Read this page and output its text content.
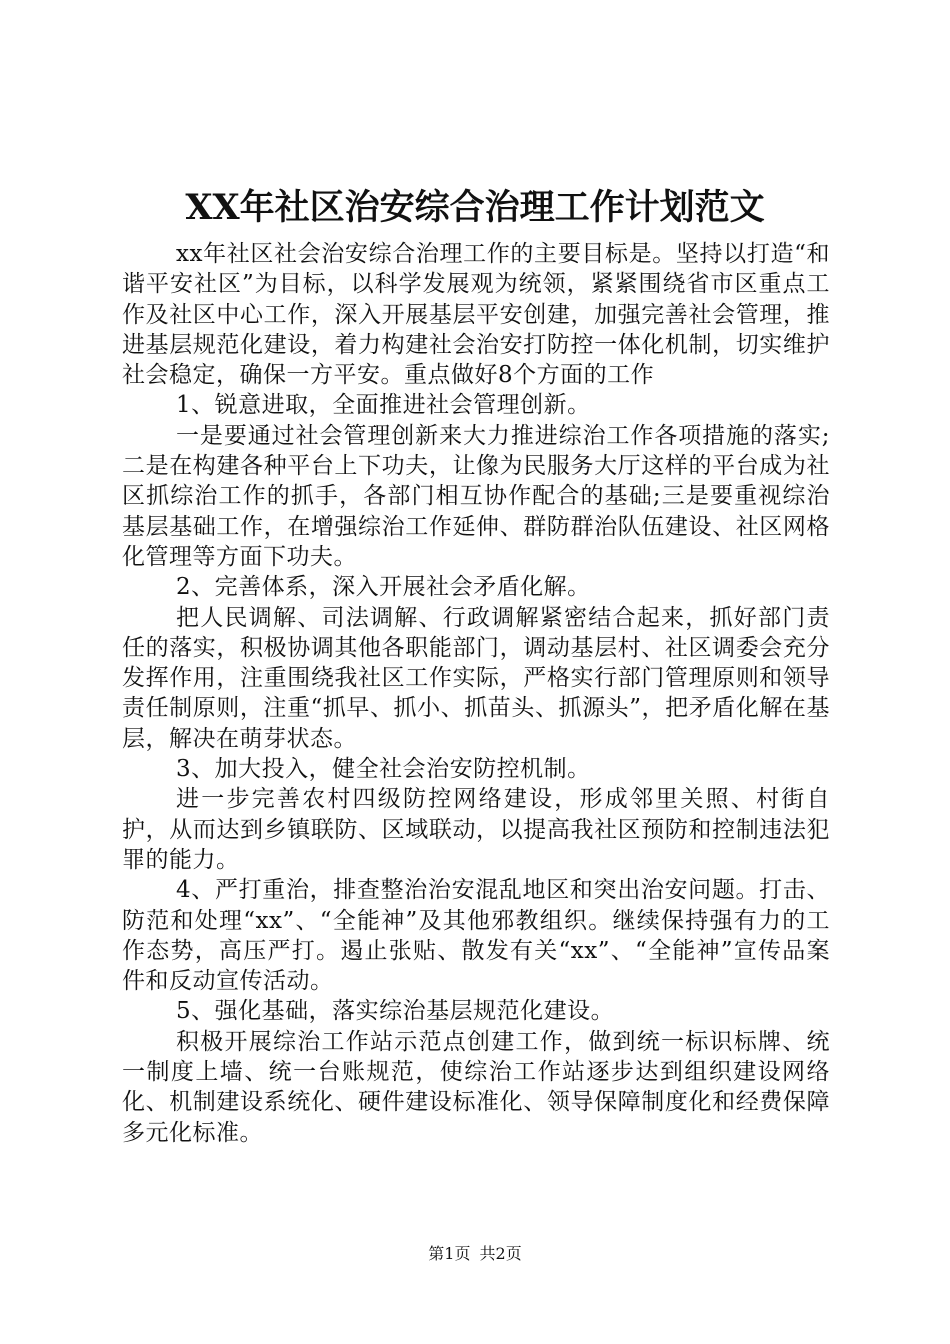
XX年社区治安综合治理工作计划范文

xx年社区社会治安综合治理工作的主要目标是。坚持以打造“和谐平安社区”为目标，以科学发展观为统领，紧紧围绕省市区重点工作及社区中心工作，深入开展基层平安创建，加强完善社会管理，推进基层规范化建设，着力构建社会治安打防控一体化机制，切实维护社会稳定，确保一方平安。重点做好8个方面的工作

1、锐意进取，全面推进社会管理创新。

一是要通过社会管理创新来大力推进综治工作各项措施的落实;二是在构建各种平台上下功夫，让像为民服务大厅这样的平台成为社区抓综治工作的抓手，各部门相互协作配合的基础;三是要重视综治基层基础工作，在增强综治工作延伸、群防群治队伍建设、社区网格化管理等方面下功夫。

2、完善体系，深入开展社会矛盾化解。

把人民调解、司法调解、行政调解紧密结合起来，抓好部门责任的落实，积极协调其他各职能部门，调动基层村、社区调委会充分发挥作用，注重围绕我社区工作实际，严格实行部门管理原则和领导责任制原则，注重“抓早、抓小、抓苗头、抓源头”，把矛盾化解在基层，解决在萌芽状态。

3、加大投入，健全社会治安防控机制。

进一步完善农村四级防控网络建设，形成邻里关照、村街自护，从而达到乡镇联防、区域联动，以提高我社区预防和控制违法犯罪的能力。

4、严打重治，排查整治治安混乱地区和突出治安问题。打击、防范和处理“xx”、“全能神”及其他邪教组织。继续保持强有力的工作态势，高压严打。遏止张贴、散发有关“xx”、“全能神”宣传品案件和反动宣传活动。

5、强化基础，落实综治基层规范化建设。

积极开展综治工作站示范点创建工作，做到统一标识标牌、统一制度上墙、统一台账规范，使综治工作站逐步达到组织建设网络化、机制建设系统化、硬件建设标准化、领导保障制度化和经费保障多元化标准。

第1页 共2页
